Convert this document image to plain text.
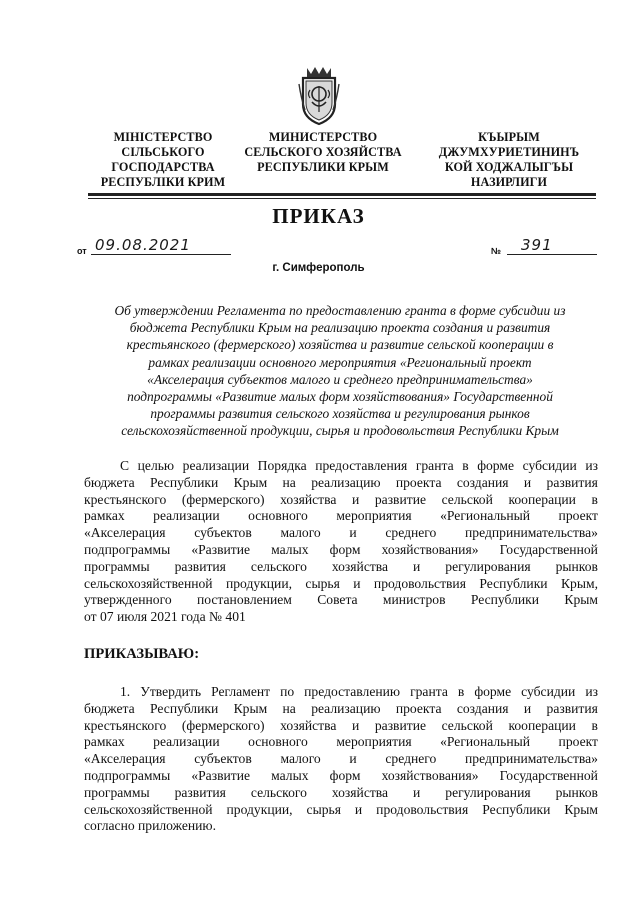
МІНІСТЕРСТВО
СІЛЬСЬКОГО
ГОСПОДАРСТВА
РЕСПУБЛІКИ КРИМ
МИНИСТЕРСТВО
СЕЛЬСКОГО ХОЗЯЙСТВА
РЕСПУБЛИКИ КРЫМ
КЪЫРЫМ
ДЖУМХУРИЕТИНИНЪ
КОЙ ХОДЖАЛЫГЪЫ
НАЗИРЛИГИ
ПРИКАЗ
от 09.08.2021	№ 391
г. Симферополь
Об утверждении Регламента по предоставлению гранта в форме субсидии из
бюджета Республики Крым на реализацию проекта создания и развития
крестьянского (фермерского) хозяйства и развитие сельской кооперации в
рамках реализации основного мероприятия «Региональный проект
«Акселерация субъектов малого и среднего предпринимательства»
подпрограммы «Развитие малых форм хозяйствования» Государственной
программы развития сельского хозяйства и регулирования рынков
сельскохозяйственной продукции, сырья и продовольствия Республики Крым
С целью реализации Порядка предоставления гранта в форме субсидии из
бюджета Республики Крым на реализацию проекта создания и развития
крестьянского (фермерского) хозяйства и развитие сельской кооперации в
рамках реализации основного мероприятия «Региональный проект
«Акселерация субъектов малого и среднего предпринимательства»
подпрограммы «Развитие малых форм хозяйствования» Государственной
программы развития сельского хозяйства и регулирования рынков
сельскохозяйственной продукции, сырья и продовольствия Республики Крым,
утвержденного постановлением Совета министров Республики Крым
от 07 июля 2021 года № 401
ПРИКАЗЫВАЮ:
1. Утвердить Регламент по предоставлению гранта в форме субсидии из
бюджета Республики Крым на реализацию проекта создания и развития
крестьянского (фермерского) хозяйства и развитие сельской кооперации в
рамках реализации основного мероприятия «Региональный проект
«Акселерация субъектов малого и среднего предпринимательства»
подпрограммы «Развитие малых форм хозяйствования» Государственной
программы развития сельского хозяйства и регулирования рынков
сельскохозяйственной продукции, сырья и продовольствия Республики Крым
согласно приложению.
